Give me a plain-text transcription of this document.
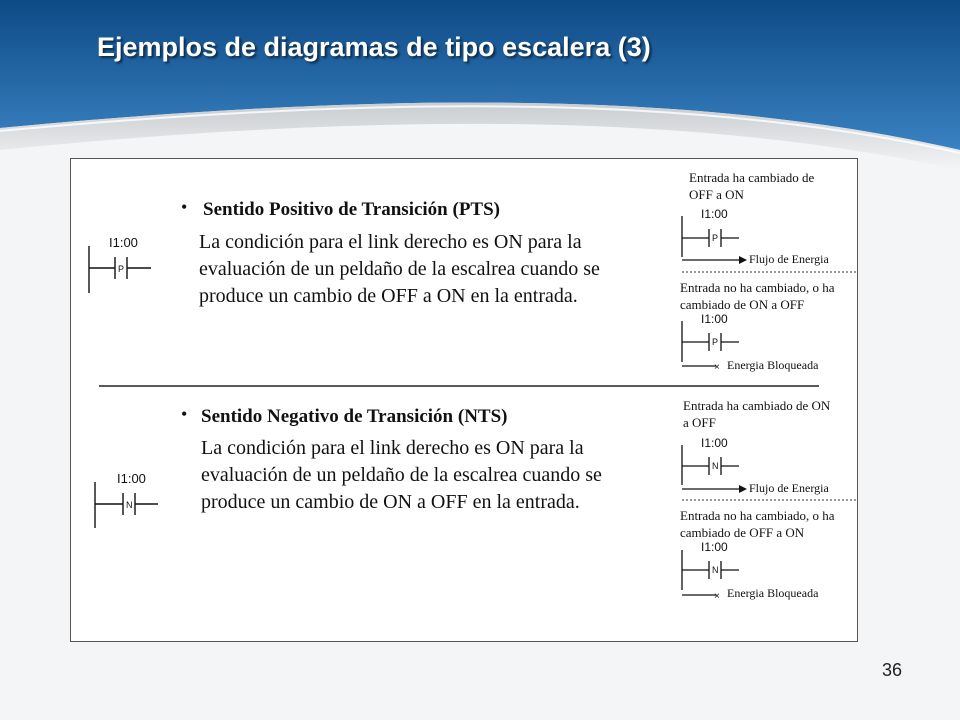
Ejemplos de diagramas de tipo escalera (3)
P
P
P
×
N
N
N
×
• Sentido Positivo de Transición (PTS)

La condición para el link derecho es ON para la evaluación de un peldaño de la escalrea cuando se produce un cambio de OFF a ON en la entrada.

I1:00

Entrada ha cambiado de OFF a ON

I1:00

Flujo de Energia

Entrada no ha cambiado, o ha cambiado de ON a OFF

I1:00

Energia Bloqueada

• Sentido Negativo de Transición (NTS)

La condición para el link derecho es ON para la evaluación de un peldaño de la escalrea cuando se produce un cambio de ON a OFF en la entrada.

I1:00

Entrada ha cambiado de ON a OFF

I1:00

Flujo de Energia

Entrada no ha cambiado, o ha cambiado de OFF a ON

I1:00

Energia Bloqueada

36
